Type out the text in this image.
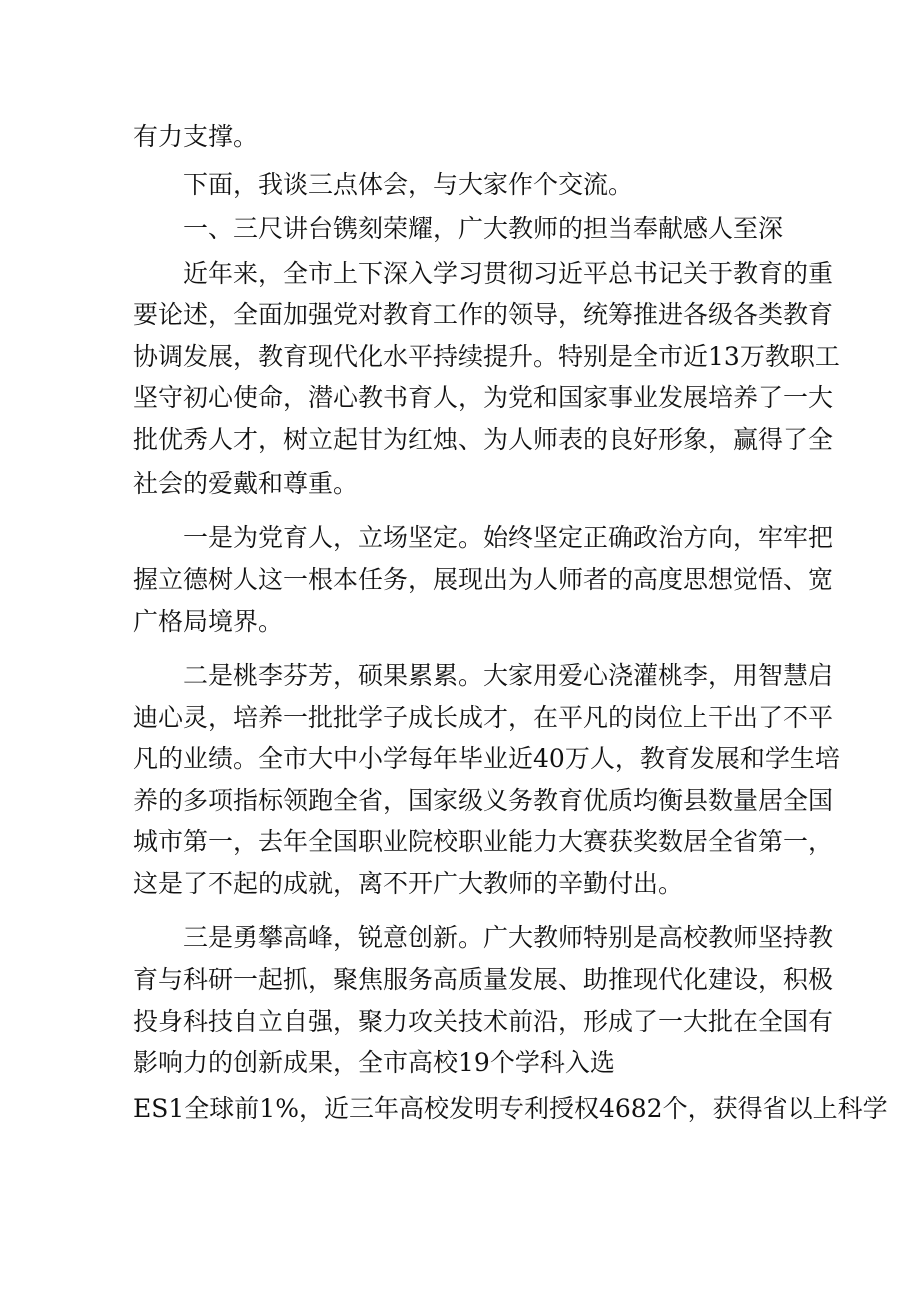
有力支撑。
下面，我谈三点体会，与大家作个交流。
一、三尺讲台镌刻荣耀，广大教师的担当奉献感人至深
近年来，全市上下深入学习贯彻习近平总书记关于教育的重
要论述，全面加强党对教育工作的领导，统筹推进各级各类教育
协调发展，教育现代化水平持续提升。特别是全市近13万教职工
坚守初心使命，潜心教书育人，为党和国家事业发展培养了一大
批优秀人才，树立起甘为红烛、为人师表的良好形象，赢得了全
社会的爱戴和尊重。
一是为党育人，立场坚定。始终坚定正确政治方向，牢牢把
握立德树人这一根本任务，展现出为人师者的高度思想觉悟、宽
广格局境界。
二是桃李芬芳，硕果累累。大家用爱心浇灌桃李，用智慧启
迪心灵，培养一批批学子成长成才，在平凡的岗位上干出了不平
凡的业绩。全市大中小学每年毕业近40万人，教育发展和学生培
养的多项指标领跑全省，国家级义务教育优质均衡县数量居全国
城市第一，去年全国职业院校职业能力大赛获奖数居全省第一，
这是了不起的成就，离不开广大教师的辛勤付出。
三是勇攀高峰，锐意创新。广大教师特别是高校教师坚持教
育与科研一起抓，聚焦服务高质量发展、助推现代化建设，积极
投身科技自立自强，聚力攻关技术前沿，形成了一大批在全国有
影响力的创新成果，全市高校19个学科入选
ES1全球前1%，近三年高校发明专利授权4682个，获得省以上科学
